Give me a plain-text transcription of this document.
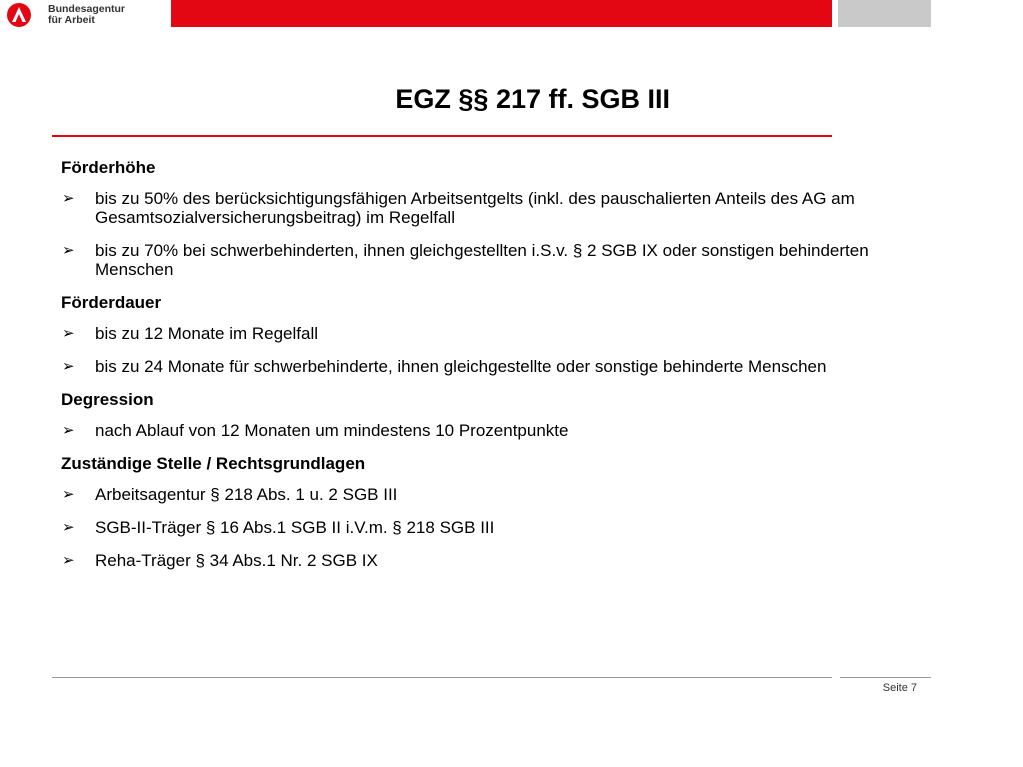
Bundesagentur
für Arbeit
EGZ §§ 217 ff. SGB III
Förderhöhe
➢	bis zu 50% des berücksichtigungsfähigen Arbeitsentgelts (inkl. des pauschalierten Anteils des AG am Gesamtsozialversicherungsbeitrag) im Regelfall
➢	bis zu 70% bei schwerbehinderten, ihnen gleichgestellten i.S.v. § 2 SGB IX oder sonstigen behinderten Menschen
Förderdauer
➢	bis zu 12 Monate im Regelfall
➢	bis zu 24 Monate für schwerbehinderte, ihnen gleichgestellte oder sonstige behinderte Menschen
Degression
➢	nach Ablauf von 12 Monaten um mindestens 10 Prozentpunkte
Zuständige Stelle / Rechtsgrundlagen
➢	Arbeitsagentur § 218 Abs. 1 u. 2 SGB III
➢	SGB-II-Träger § 16 Abs.1 SGB II i.V.m. § 218 SGB III
➢	Reha-Träger § 34 Abs.1 Nr. 2 SGB IX
Seite 7
